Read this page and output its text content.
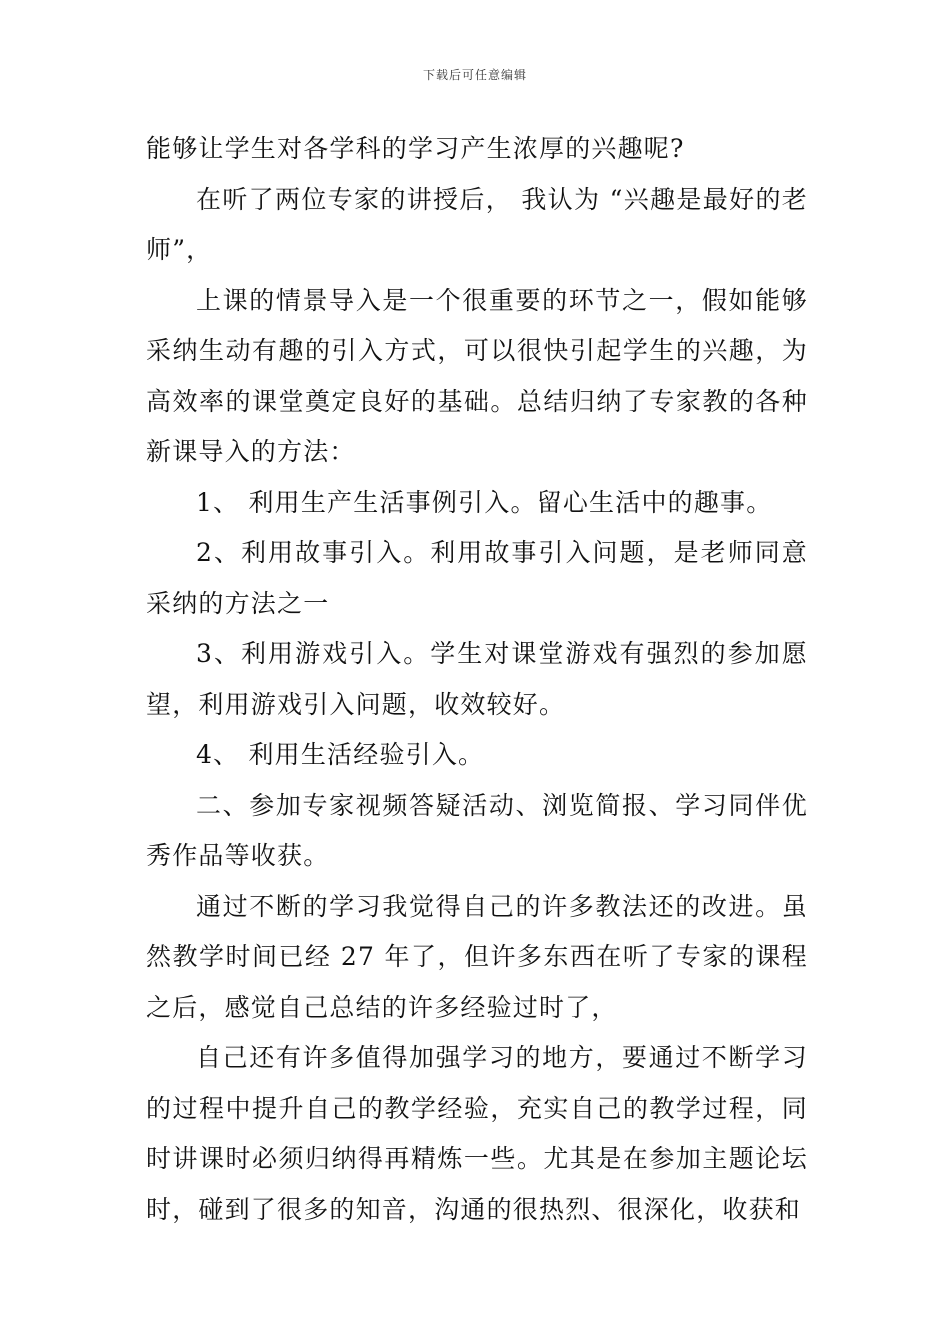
下载后可任意编辑

能够让学生对各学科的学习产生浓厚的兴趣呢?

在听了两位专家的讲授后， 我认为 “兴趣是最好的老师”，

上课的情景导入是一个很重要的环节之一，假如能够采纳生动有趣的引入方式，可以很快引起学生的兴趣，为高效率的课堂奠定良好的基础。总结归纳了专家教的各种新课导入的方法：

1、 利用生产生活事例引入。留心生活中的趣事。

2、利用故事引入。利用故事引入问题，是老师同意采纳的方法之一

3、利用游戏引入。学生对课堂游戏有强烈的参加愿望，利用游戏引入问题，收效较好。

4、 利用生活经验引入。

二、参加专家视频答疑活动、浏览简报、学习同伴优秀作品等收获。

通过不断的学习我觉得自己的许多教法还的改进。虽然教学时间已经 27 年了，但许多东西在听了专家的课程之后，感觉自己总结的许多经验过时了，

自己还有许多值得加强学习的地方，要通过不断学习的过程中提升自己的教学经验，充实自己的教学过程，同时讲课时必须归纳得再精炼一些。尤其是在参加主题论坛时，碰到了很多的知音，沟通的很热烈、很深化，收获和
